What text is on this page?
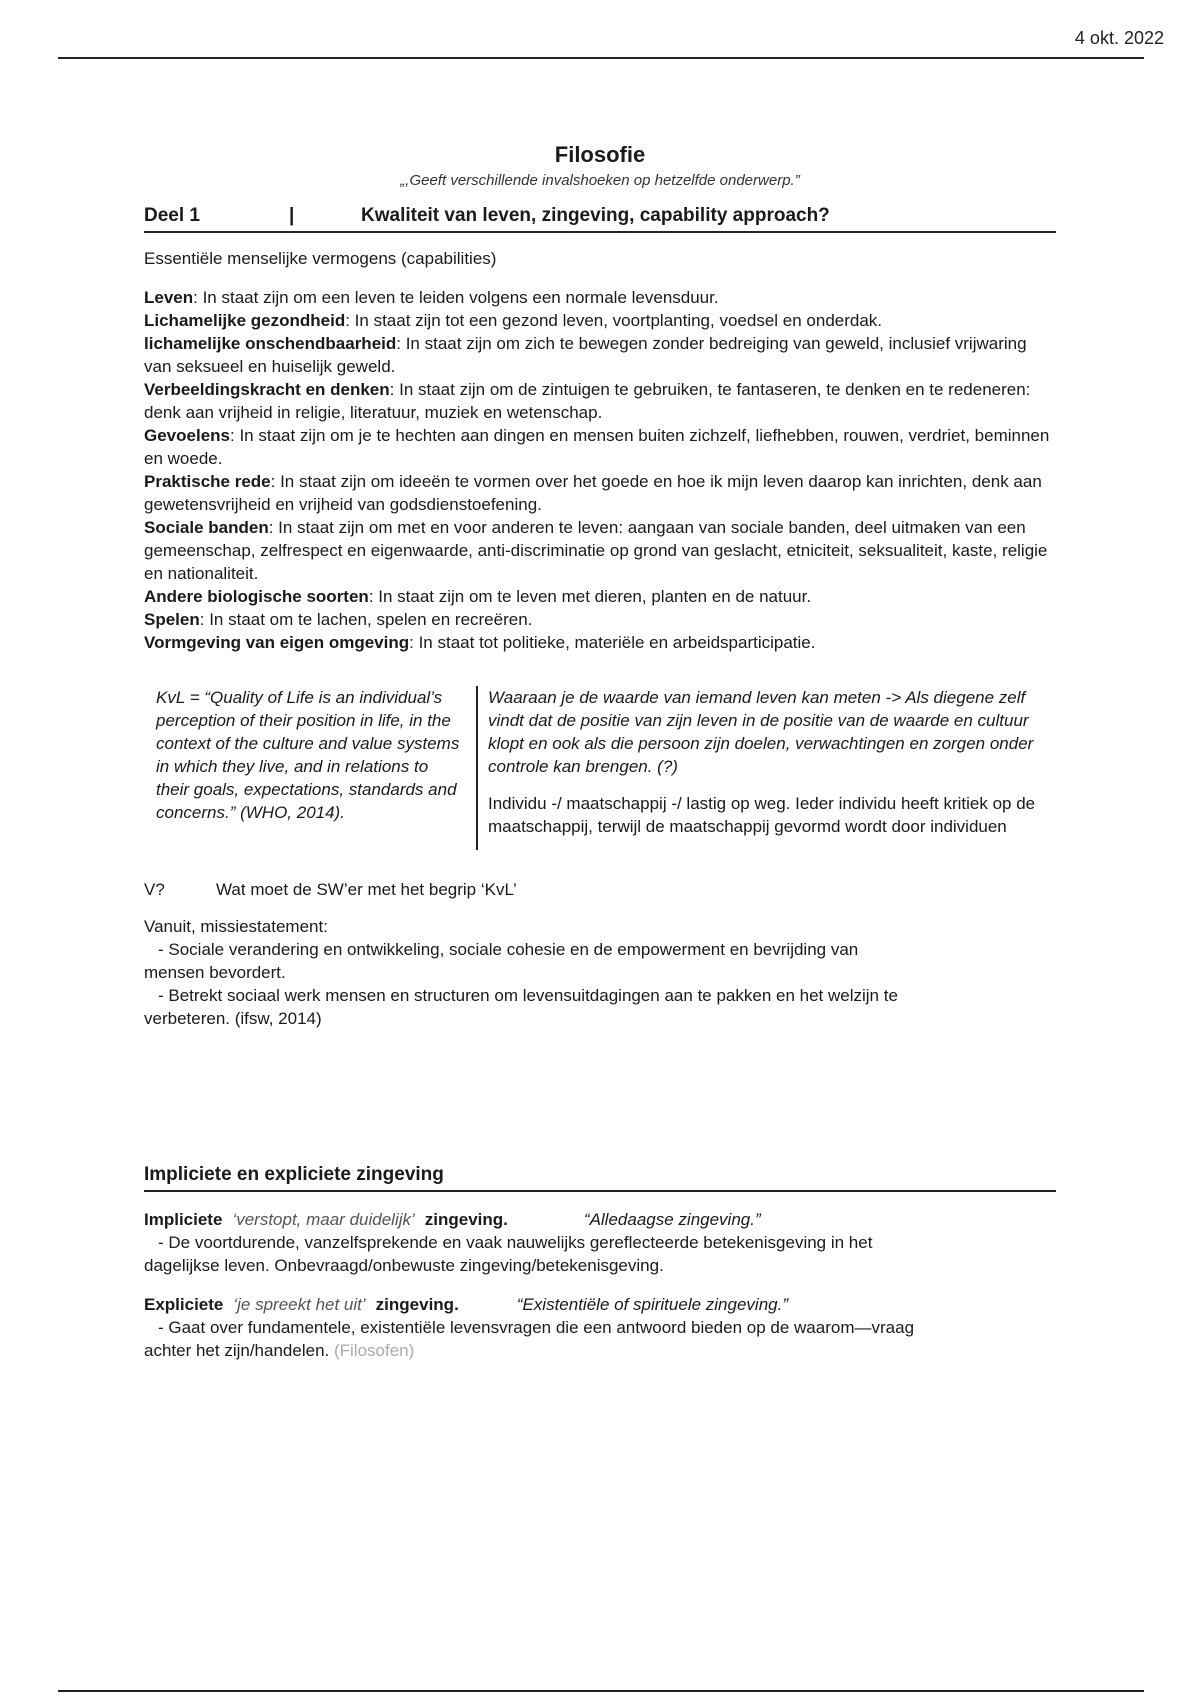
4 okt. 2022
Filosofie
„,Geeft verschillende invalshoeken op hetzelfde onderwerp.”
Deel 1	|	Kwaliteit van leven, zingeving, capability approach?
Essentiële menselijke vermogens (capabilities)
Leven: In staat zijn om een leven te leiden volgens een normale levensduur.
Lichamelijke gezondheid: In staat zijn tot een gezond leven, voortplanting, voedsel en onderdak.
lichamelijke onschendbaarheid: In staat zijn om zich te bewegen zonder bedreiging van geweld, inclusief vrijwaring van seksueel en huiselijk geweld.
Verbeeldingskracht en denken: In staat zijn om de zintuigen te gebruiken, te fantaseren, te denken en te redeneren: denk aan vrijheid in religie, literatuur, muziek en wetenschap.
Gevoelens: In staat zijn om je te hechten aan dingen en mensen buiten zichzelf, liefhebben, rouwen, verdriet, beminnen en woede.
Praktische rede: In staat zijn om ideeën te vormen over het goede en hoe ik mijn leven daarop kan inrichten, denk aan gewetensvrijheid en vrijheid van godsdienstoefening.
Sociale banden: In staat zijn om met en voor anderen te leven: aangaan van sociale banden, deel uitmaken van een gemeenschap, zelfrespect en eigenwaarde, anti-discriminatie op grond van geslacht, etniciteit, seksualiteit, kaste, religie en nationaliteit.
Andere biologische soorten: In staat zijn om te leven met dieren, planten en de natuur.
Spelen: In staat om te lachen, spelen en recreëren.
Vormgeving van eigen omgeving: In staat tot politieke, materiële en arbeidsparticipatie.
KvL = “Quality of Life is an individual’s perception of their position in life, in the context of the culture and value systems in which they live, and in relations to their goals, expectations, standards and concerns.” (WHO, 2014).
Waaraan je de waarde van iemand leven kan meten -> Als diegene zelf vindt dat de positie van zijn leven in de positie van de waarde en cultuur klopt en ook als die persoon zijn doelen, verwachtingen en zorgen onder controle kan brengen. (?)
Individu -/ maatschappij -/ lastig op weg. Ieder individu heeft kritiek op de maatschappij, terwijl de maatschappij gevormd wordt door individuen
V?	Wat moet de SW’er met het begrip ‘KvL’
Vanuit, missiestatement:
- Sociale verandering en ontwikkeling, sociale cohesie en de empowerment en bevrijding van
mensen bevordert.
- Betrekt sociaal werk mensen en structuren om levensuitdagingen aan te pakken en het welzijn te
verbeteren. (ifsw, 2014)
Impliciete en expliciete zingeving
Impliciete ‘verstopt, maar duidelijk’ zingeving.	“Alledaagse zingeving.”
- De voortdurende, vanzelfsprekende en vaak nauwelijks gereflecteerde betekenisgeving in het
dagelijkse leven. Onbevraagd/onbewuste zingeving/betekenisgeving.
Expliciete ‘je spreekt het uit’ zingeving.	“Existentiële of spirituele zingeving.”
- Gaat over fundamentele, existentiële levensvragen die een antwoord bieden op de waarom—vraag
achter het zijn/handelen. (Filosofen)
